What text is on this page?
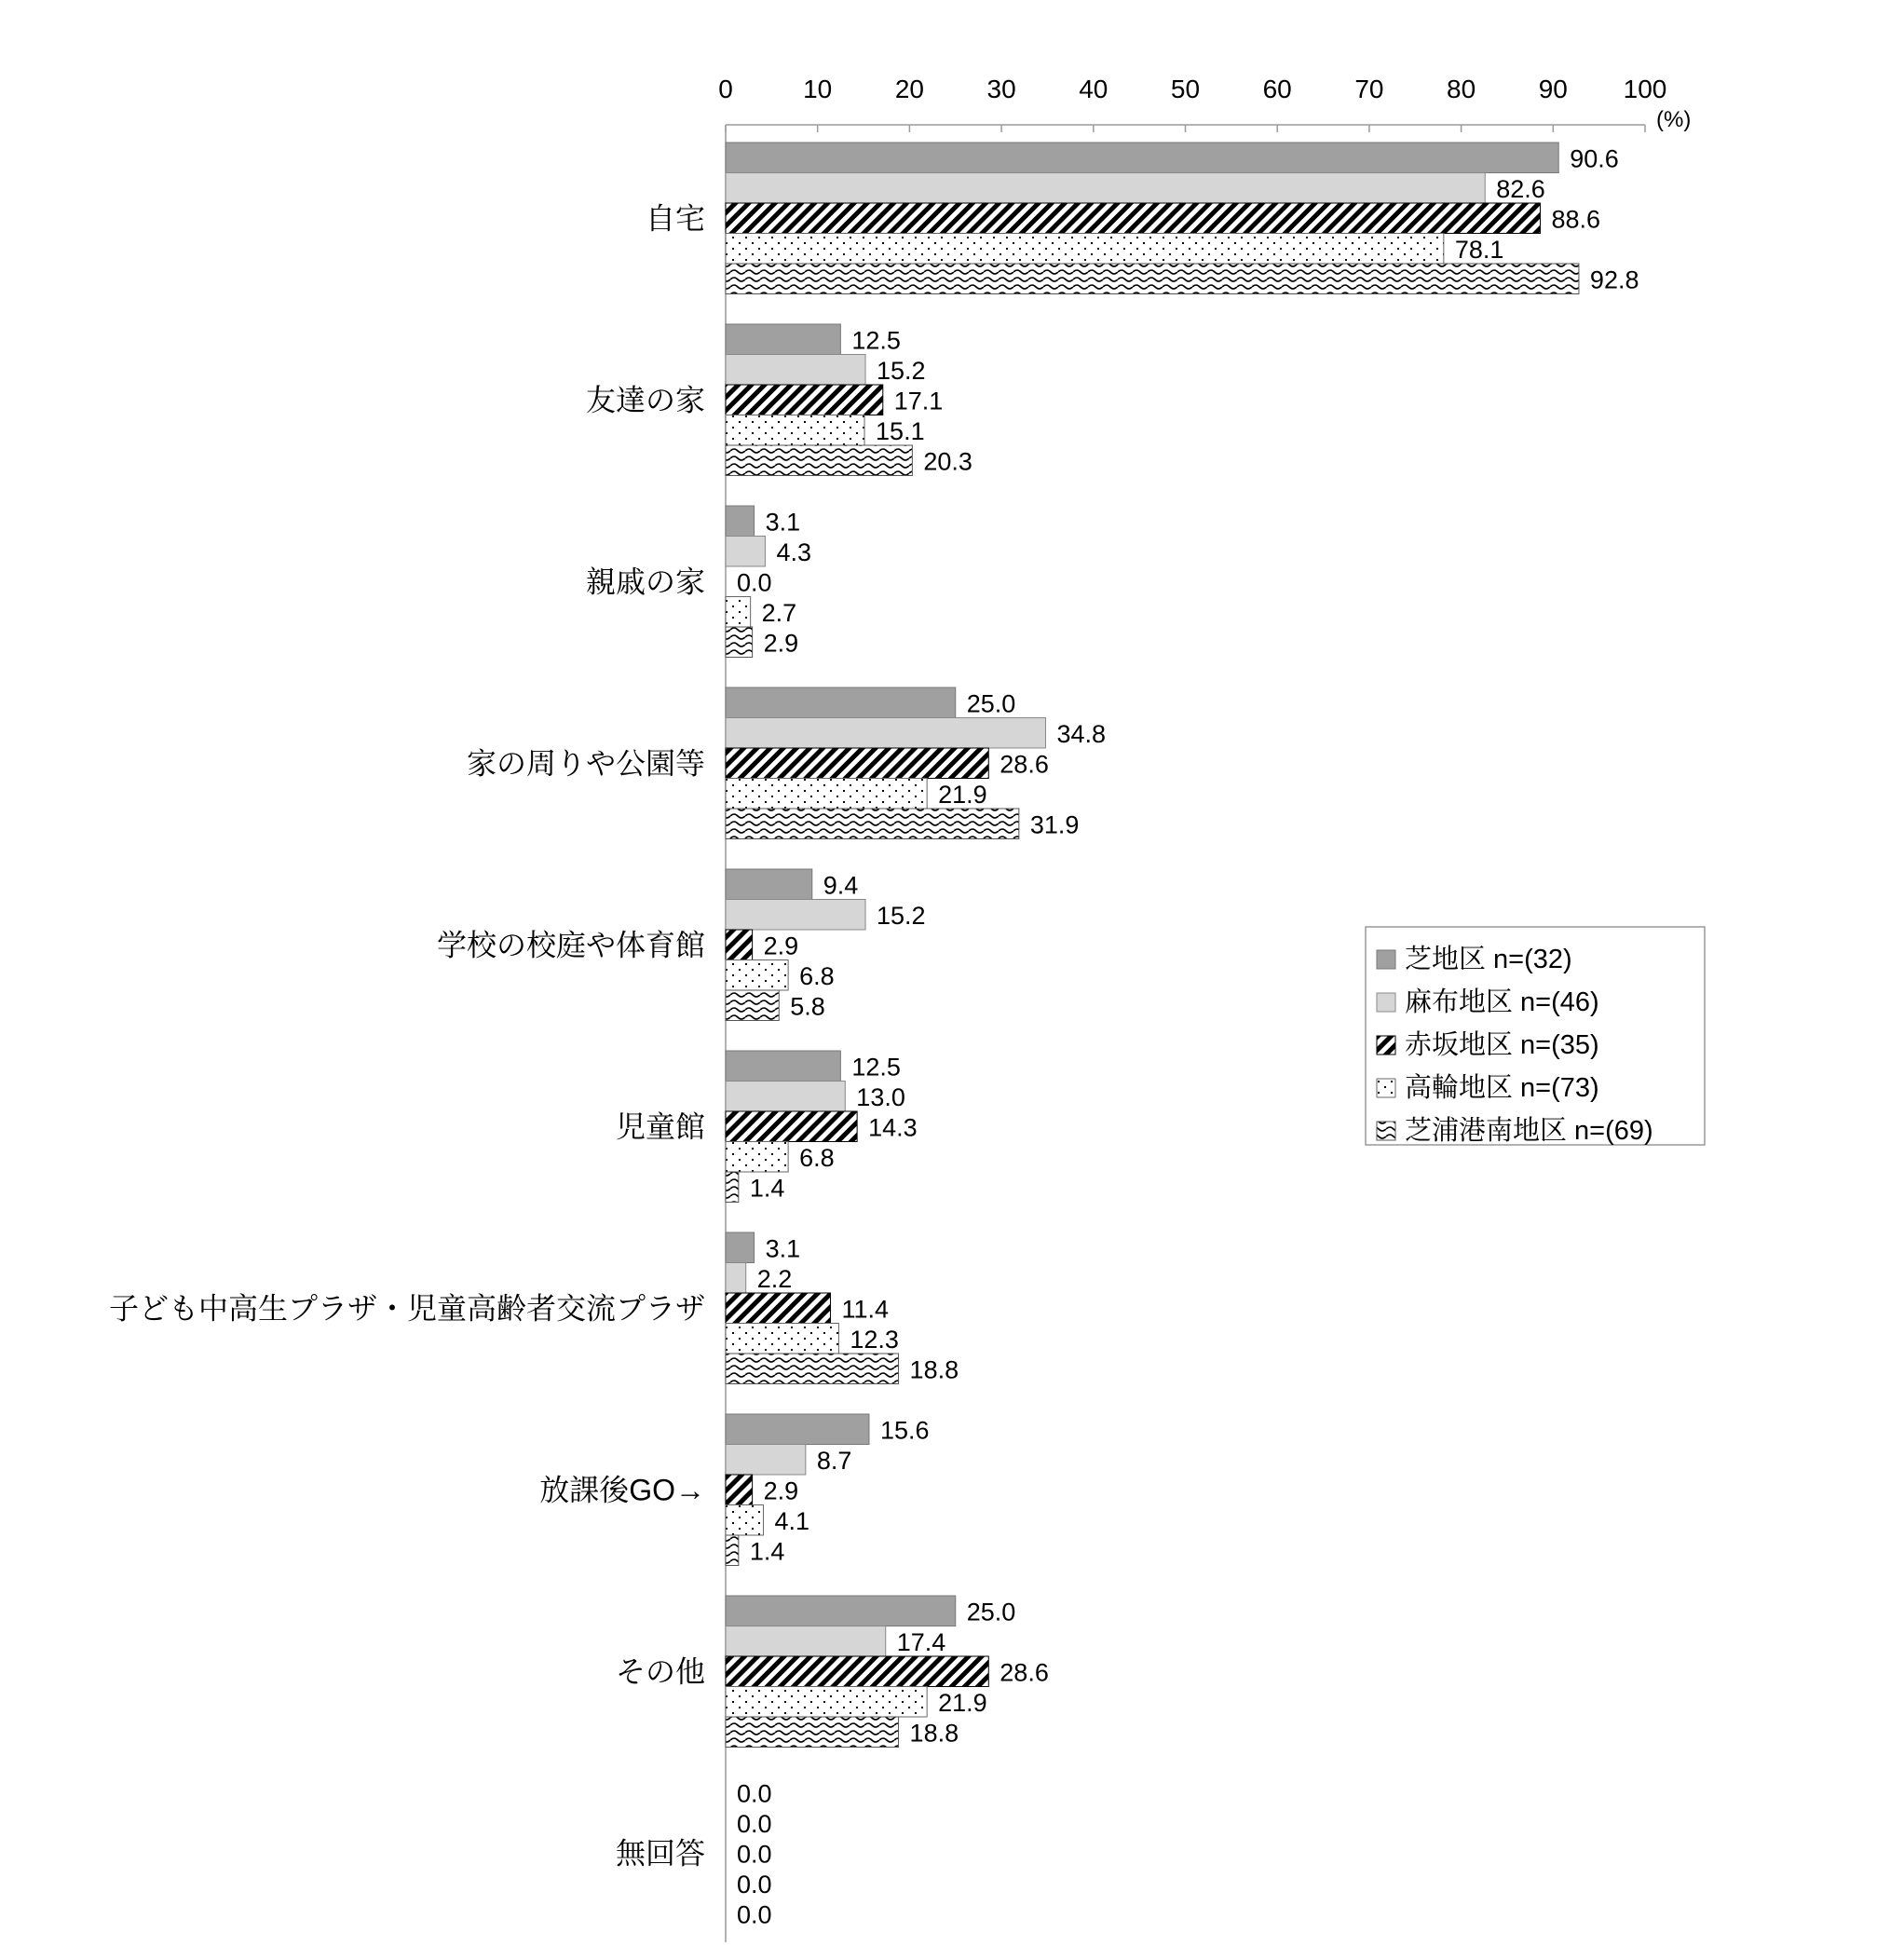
0	10 20 30 40 50 60 70 80 90 100
(%)
90.6
82.6
88.6
78.1
92.8
12.5
15.2
17.1
15.1
20.3
3.1
4.3
0.0
2.7
2.9
25.0
34.8
28.6
21.9
31.9
9.4
15.2
2.9
6.8
5.8
12.5
13.0
14.3
6.8
1.4
3.1
2.2
11.4
12.3
18.8
15.6
8.7
2.9
4.1
1.4
25.0
17.4
28.6
21.9
18.8
0.0
0.0
0.0
0.0
0.0
自宅
友達の家
親戚の家
家の周りや公園等
学校の校庭や体育館
児童館
子ども中高生プラザ・児童高齢者交流プラザ
放課後GO→
その他
無回答
芝地区 n=(32)
麻布地区 n=(46)
赤坂地区 n=(35)
高輪地区 n=(73)
芝浦港南地区 n=(69)
